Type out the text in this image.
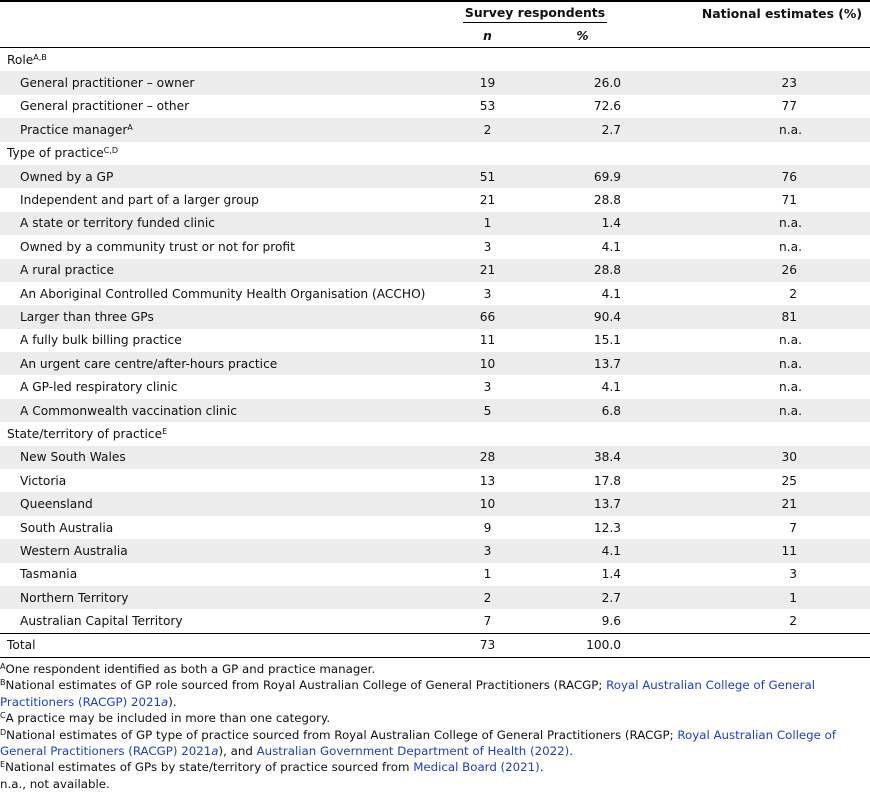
	Survey respondents		National estimates (%)
	n	%	
Role$^{A,B}$			
General practitioner – owner	19	26.0	23
General practitioner – other	53	72.6	77
Practice manager$^A$	2	2.7	n.a.
Type of practice$^{C,D}$			
Owned by a GP	51	69.9	76
Independent and part of a larger group	21	28.8	71
A state or territory funded clinic	1	1.4	n.a.
Owned by a community trust or not for profit	3	4.1	n.a.
A rural practice	21	28.8	26
An Aboriginal Controlled Community Health Organisation (ACCHO)	3	4.1	2
Larger than three GPs	66	90.4	81
A fully bulk billing practice	11	15.1	n.a.
An urgent care centre/after-hours practice	10	13.7	n.a.
A GP-led respiratory clinic	3	4.1	n.a.
A Commonwealth vaccination clinic	5	6.8	n.a.
State/territory of practice$^E$			
New South Wales	28	38.4	30
Victoria	13	17.8	25
Queensland	10	13.7	21
South Australia	9	12.3	7
Western Australia	3	4.1	11
Tasmania	1	1.4	3
Northern Territory	2	2.7	1
Australian Capital Territory	7	9.6	2
Total	73	100.0	

$^A$One respondent identified as both a GP and practice manager.

$^B$National estimates of GP role sourced from Royal Australian College of General Practitioners (RACGP; Royal Australian College of General Practitioners (RACGP) 2021a).

$^C$A practice may be included in more than one category.

$^D$National estimates of GP type of practice sourced from Royal Australian College of General Practitioners (RACGP; Royal Australian College of General Practitioners (RACGP) 2021a), and Australian Government Department of Health (2022).

$^E$National estimates of GPs by state/territory of practice sourced from Medical Board (2021).

n.a., not available.
